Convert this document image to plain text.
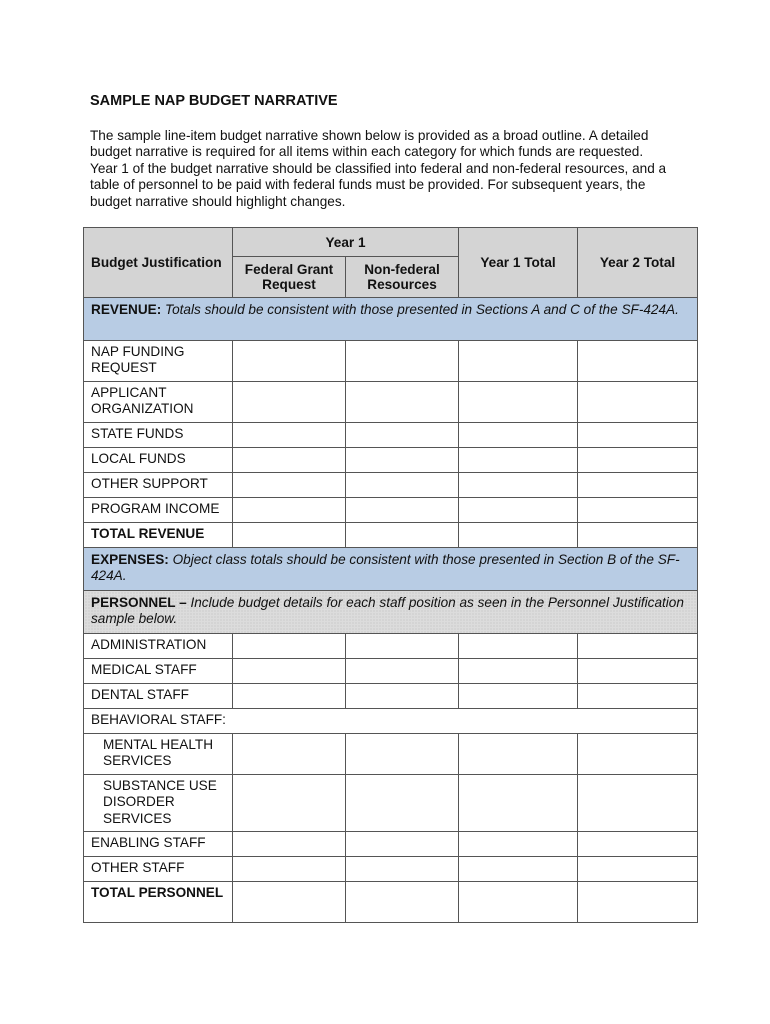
SAMPLE NAP BUDGET NARRATIVE

The sample line-item budget narrative shown below is provided as a broad outline. A detailed
budget narrative is required for all items within each category for which funds are requested.
Year 1 of the budget narrative should be classified into federal and non-federal resources, and a
table of personnel to be paid with federal funds must be provided. For subsequent years, the
budget narrative should highlight changes.

Budget Justification	Year 1		Year 1 Total	Year 2 Total
	Federal Grant Request	Non-federal Resources		
REVENUE: Totals should be consistent with those presented in Sections A and C of the SF-424A.				
NAP FUNDING REQUEST				
APPLICANT ORGANIZATION				
STATE FUNDS				
LOCAL FUNDS				
OTHER SUPPORT				
PROGRAM INCOME				
TOTAL REVENUE				
EXPENSES: Object class totals should be consistent with those presented in Section B of the SF-424A.				
PERSONNEL – Include budget details for each staff position as seen in the Personnel Justification sample below.				
ADMINISTRATION				
MEDICAL STAFF				
DENTAL STAFF				
BEHAVIORAL STAFF:				
MENTAL HEALTH SERVICES				
SUBSTANCE USE DISORDER SERVICES				
ENABLING STAFF				
OTHER STAFF				
TOTAL PERSONNEL				
